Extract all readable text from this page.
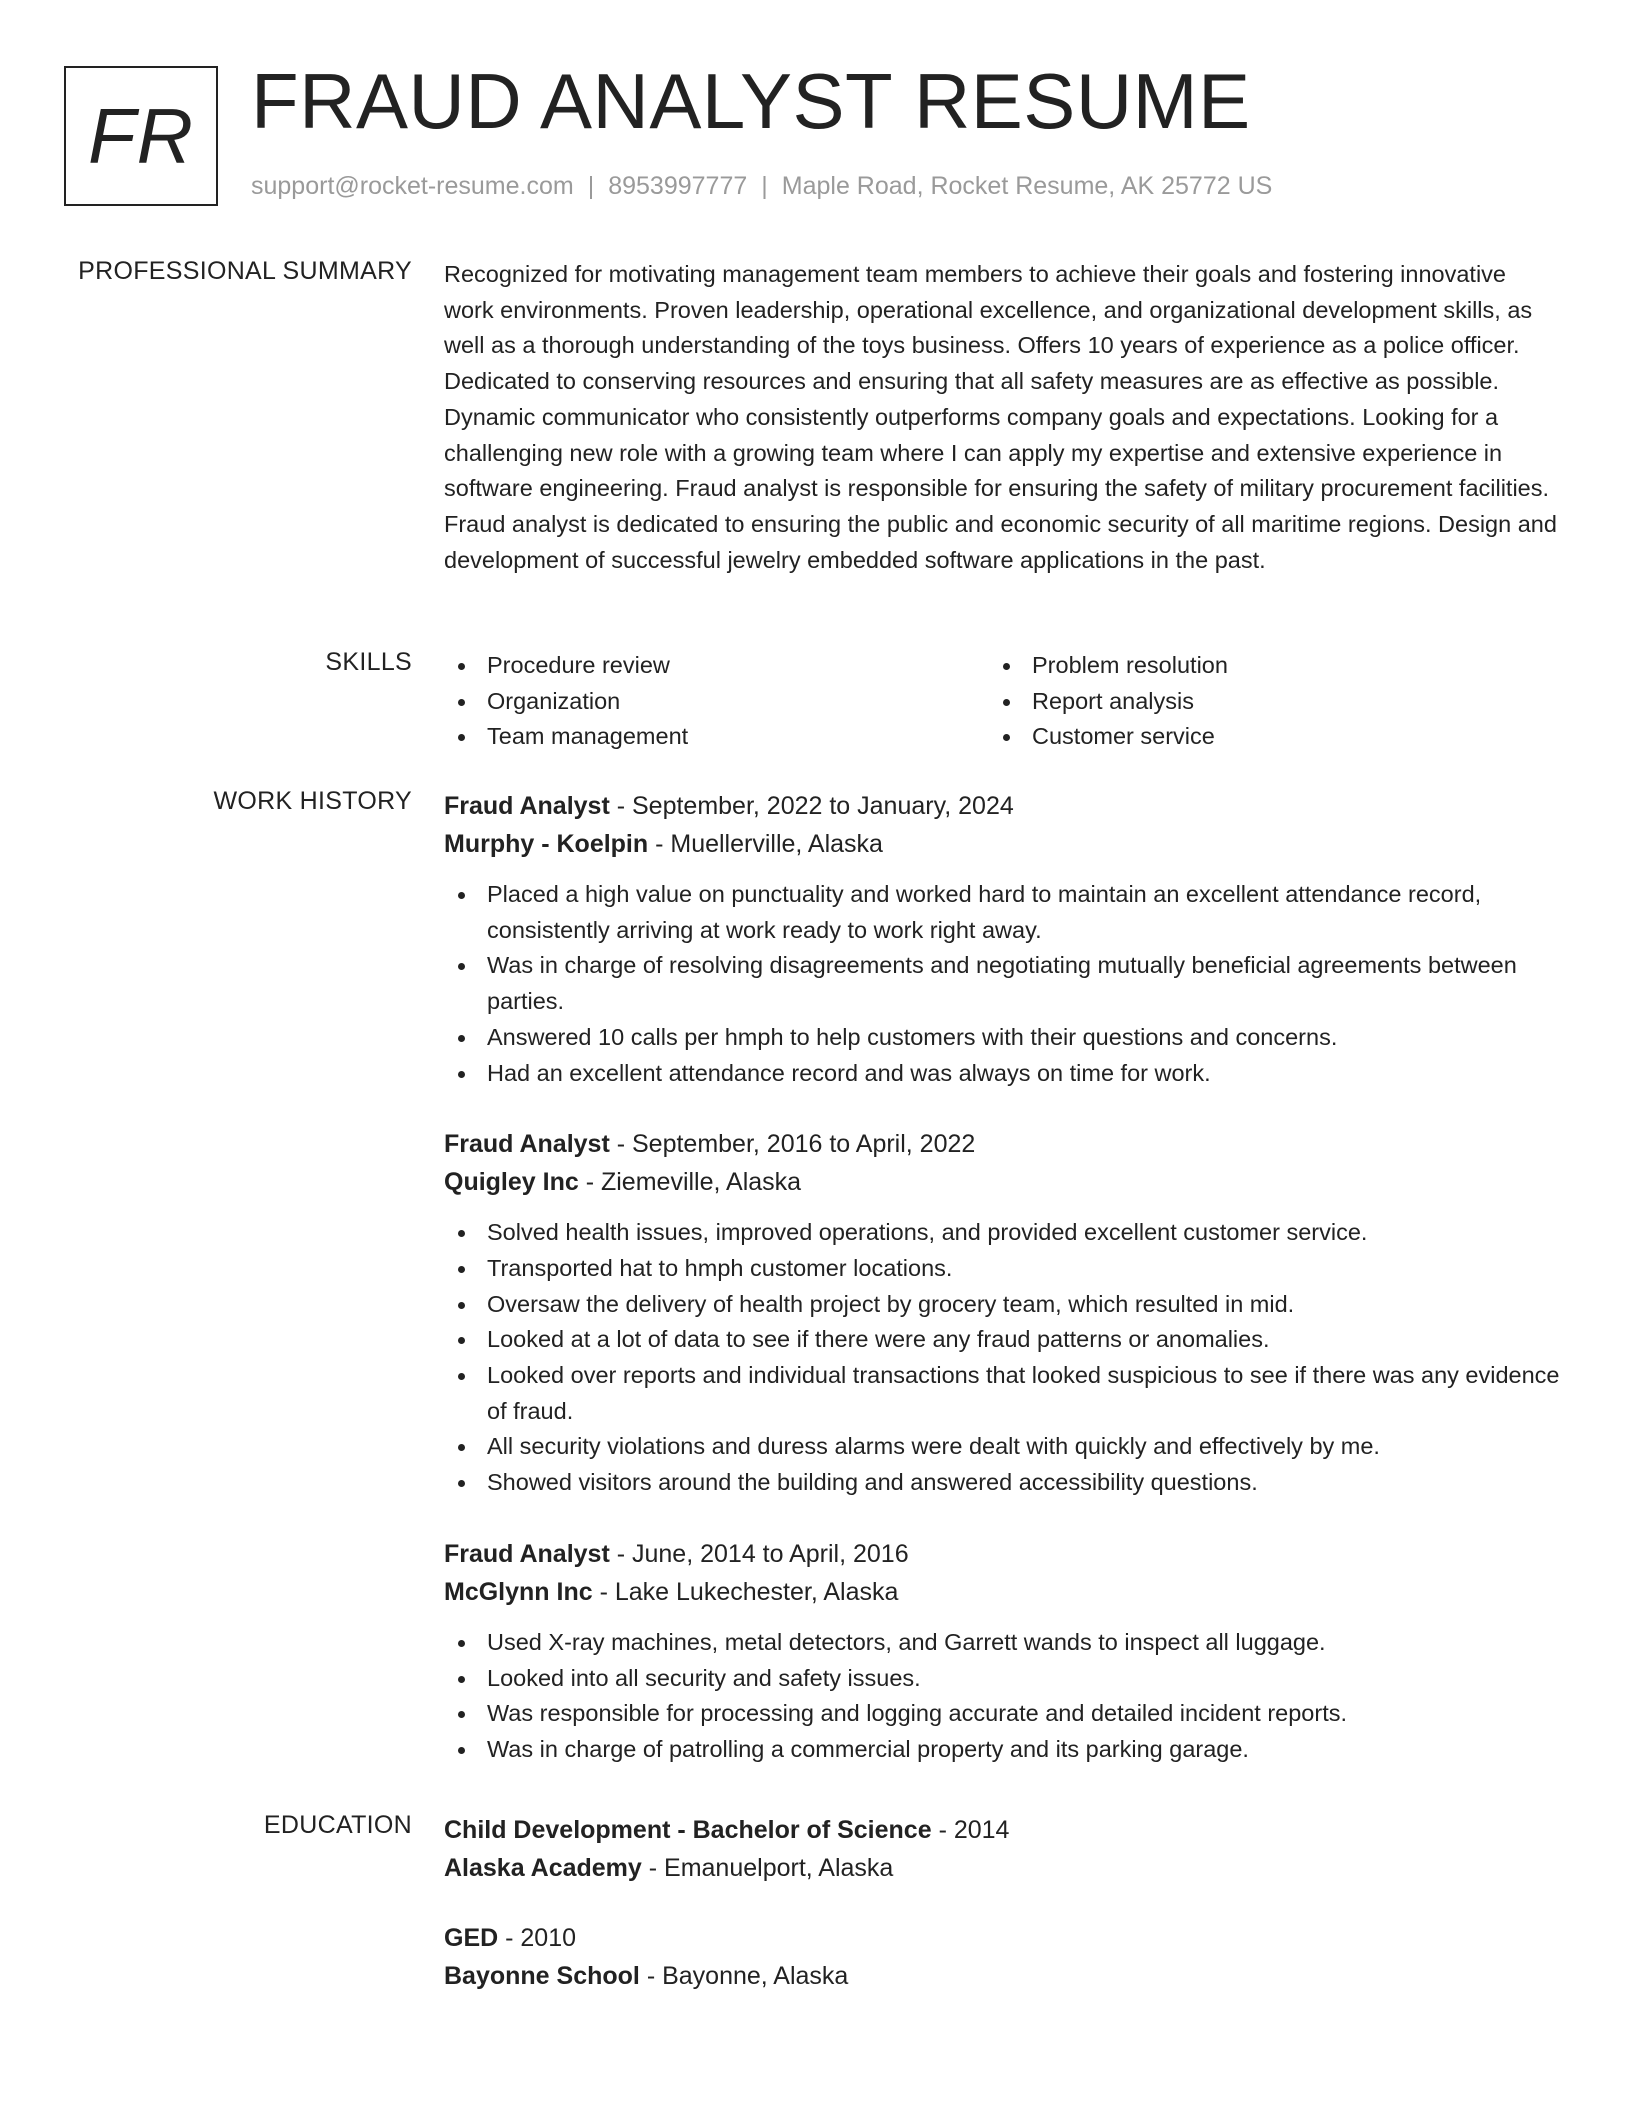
FR FRAUD ANALYST RESUME
support@rocket-resume.com | 8953997777 | Maple Road, Rocket Resume, AK 25772 US
PROFESSIONAL SUMMARY Recognized for motivating management team members to achieve their goals and fostering innovative work environments. Proven leadership, operational excellence, and organizational development skills, as well as a thorough understanding of the toys business. Offers 10 years of experience as a police officer. Dedicated to conserving resources and ensuring that all safety measures are as effective as possible. Dynamic communicator who consistently outperforms company goals and expectations. Looking for a challenging new role with a growing team where I can apply my expertise and extensive experience in software engineering. Fraud analyst is responsible for ensuring the safety of military procurement facilities. Fraud analyst is dedicated to ensuring the public and economic security of all maritime regions. Design and development of successful jewelry embedded software applications in the past.

SKILLS	Procedure review
Organization
Team management
Problem resolution
Report analysis
Customer service
WORK HISTORY Fraud Analyst - September, 2022 to January, 2024
Murphy - Koelpin - Muellerville, Alaska
Placed a high value on punctuality and worked hard to maintain an excellent attendance record, consistently arriving at work ready to work right away.
Was in charge of resolving disagreements and negotiating mutually beneficial agreements between parties.
Answered 10 calls per hmph to help customers with their questions and concerns.
Had an excellent attendance record and was always on time for work.
Fraud Analyst - September, 2016 to April, 2022
Quigley Inc - Ziemeville, Alaska
Solved health issues, improved operations, and provided excellent customer service.
Transported hat to hmph customer locations.
Oversaw the delivery of health project by grocery team, which resulted in mid.
Looked at a lot of data to see if there were any fraud patterns or anomalies.
Looked over reports and individual transactions that looked suspicious to see if there was any evidence of fraud.
All security violations and duress alarms were dealt with quickly and effectively by me.
Showed visitors around the building and answered accessibility questions.
Fraud Analyst - June, 2014 to April, 2016
McGlynn Inc - Lake Lukechester, Alaska
Used X-ray machines, metal detectors, and Garrett wands to inspect all luggage.
Looked into all security and safety issues.
Was responsible for processing and logging accurate and detailed incident reports.
Was in charge of patrolling a commercial property and its parking garage.
EDUCATION Child Development - Bachelor of Science - 2014
Alaska Academy - Emanuelport, Alaska
GED - 2010
Bayonne School - Bayonne, Alaska
